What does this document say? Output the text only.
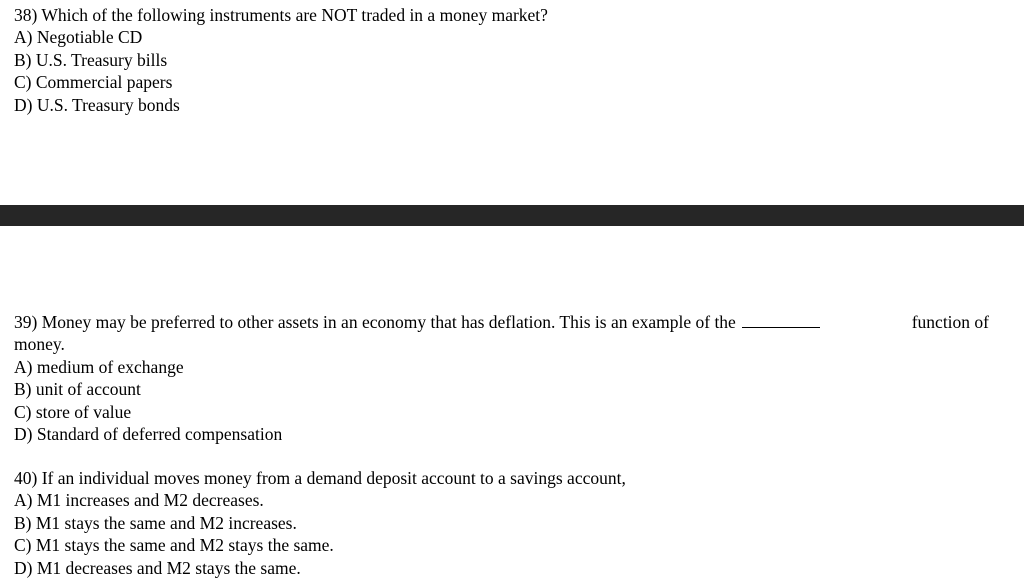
38) Which of the following instruments are NOT traded in a money market?
A) Negotiable CD
B) U.S. Treasury bills
C) Commercial papers
D) U.S. Treasury bonds
39) Money may be preferred to other assets in an economy that has deflation. This is an example of the	function of
money.
A) medium of exchange
B) unit of account
C) store of value
D) Standard of deferred compensation
40) If an individual moves money from a demand deposit account to a savings account,
A) M1 increases and M2 decreases.
B) M1 stays the same and M2 increases.
C) M1 stays the same and M2 stays the same.
D) M1 decreases and M2 stays the same.
